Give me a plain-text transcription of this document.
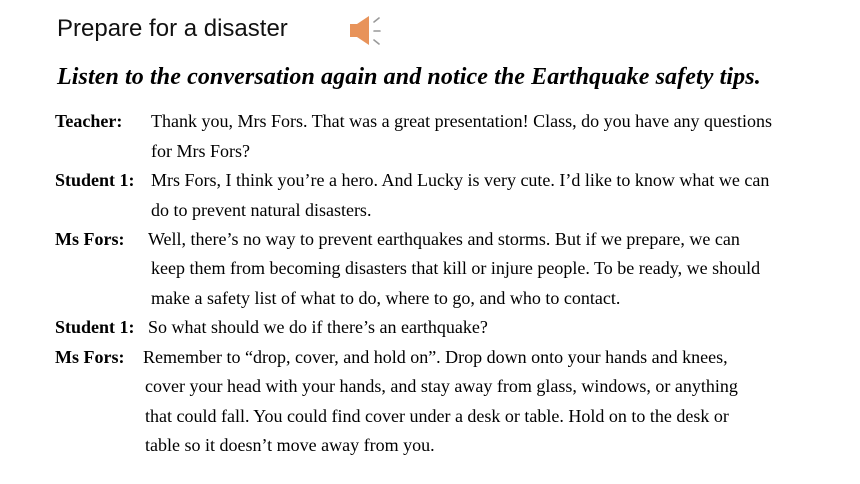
Prepare for a disaster
Listen to the conversation again and notice the Earthquake safety tips.
Teacher: Thank you, Mrs Fors. That was a great presentation! Class, do you have any questions
for Mrs Fors?
Student 1: Mrs Fors, I think you’re a hero. And Lucky is very cute. I’d like to know what we can
do to prevent natural disasters.
Ms Fors: Well, there’s no way to prevent earthquakes and storms. But if we prepare, we can
keep them from becoming disasters that kill or injure people. To be ready, we should
make a safety list of what to do, where to go, and who to contact.
Student 1: So what should we do if there’s an earthquake?
Ms Fors: Remember to “drop, cover, and hold on”. Drop down onto your hands and knees,
cover your head with your hands, and stay away from glass, windows, or anything
that could fall. You could find cover under a desk or table. Hold on to the desk or
table so it doesn’t move away from you.
